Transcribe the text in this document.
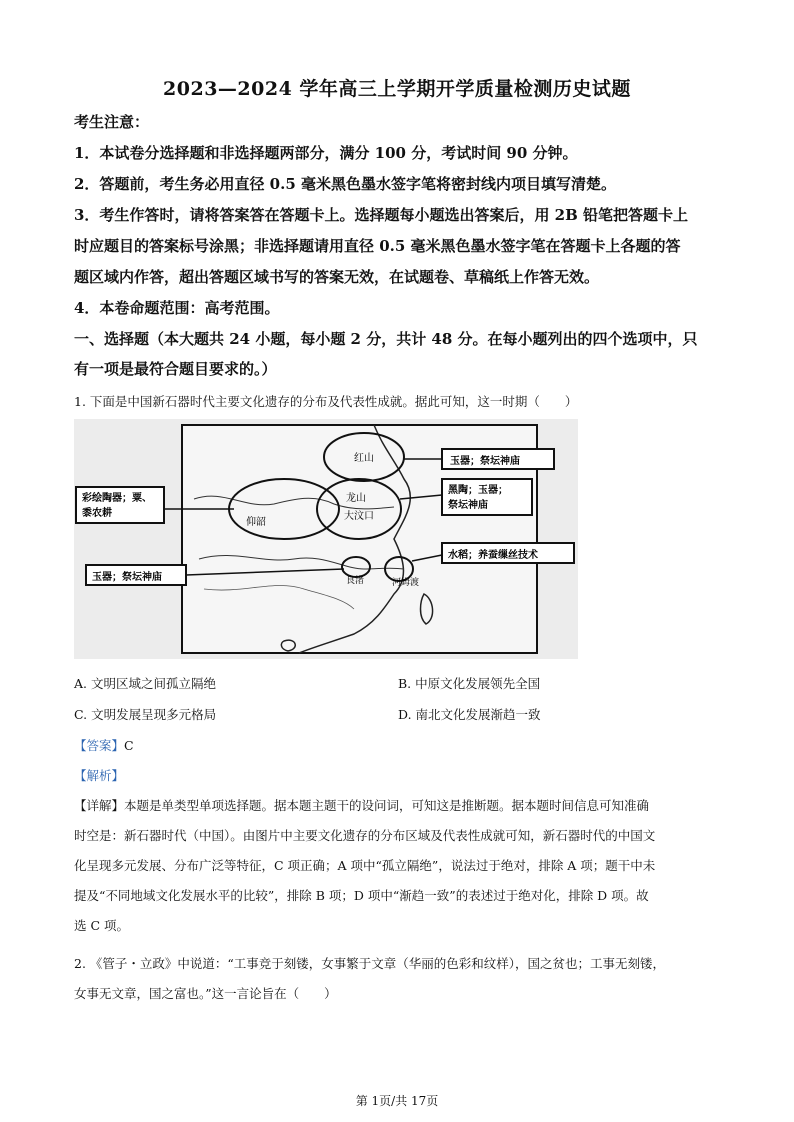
2023—2024 学年高三上学期开学质量检测历史试题
考生注意：
1．本试卷分选择题和非选择题两部分，满分 100 分，考试时间 90 分钟。
2．答题前，考生务必用直径 0.5 毫米黑色墨水签字笔将密封线内项目填写清楚。
3．考生作答时，请将答案答在答题卡上。选择题每小题选出答案后，用 2B 铅笔把答题卡上
时应题目的答案标号涂黑；非选择题请用直径 0.5 毫米黑色墨水签字笔在答题卡上各题的答
题区域内作答，超出答题区域书写的答案无效，在试题卷、草稿纸上作答无效。
4．本卷命题范围：高考范围。
一、选择题（本大题共 24 小题，每小题 2 分，共计 48 分。在每小题列出的四个选项中，只
有一项是最符合题目要求的。）
1. 下面是中国新石器时代主要文化遗存的分布及代表性成就。据此可知，这一时期（　　）
红山
龙山
大汶口
仰韶
良渚	河姆渡
彩绘陶器；粟、
黍农耕
玉器；祭坛神庙
玉器；祭坛神庙
黑陶；玉器；
祭坛神庙
水稻；养蚕缫丝技术
A. 文明区域之间孤立隔绝	B. 中原文化发展领先全国
C. 文明发展呈现多元格局	D. 南北文化发展渐趋一致
【答案】C
【解析】
【详解】本题是单类型单项选择题。据本题主题干的设问词，可知这是推断题。据本题时间信息可知准确
时空是：新石器时代（中国）。由图片中主要文化遗存的分布区域及代表性成就可知，新石器时代的中国文
化呈现多元发展、分布广泛等特征，C 项正确；A 项中“孤立隔绝”，说法过于绝对，排除 A 项；题干中未
提及“不同地域文化发展水平的比较”，排除 B 项；D 项中“渐趋一致”的表述过于绝对化，排除 D 项。故
选 C 项。
2. 《管子・立政》中说道：“工事竞于刻镂，女事繁于文章（华丽的色彩和纹样），国之贫也；工事无刻镂，
女事无文章，国之富也。”这一言论旨在（　　）
第 1页/共 17页
